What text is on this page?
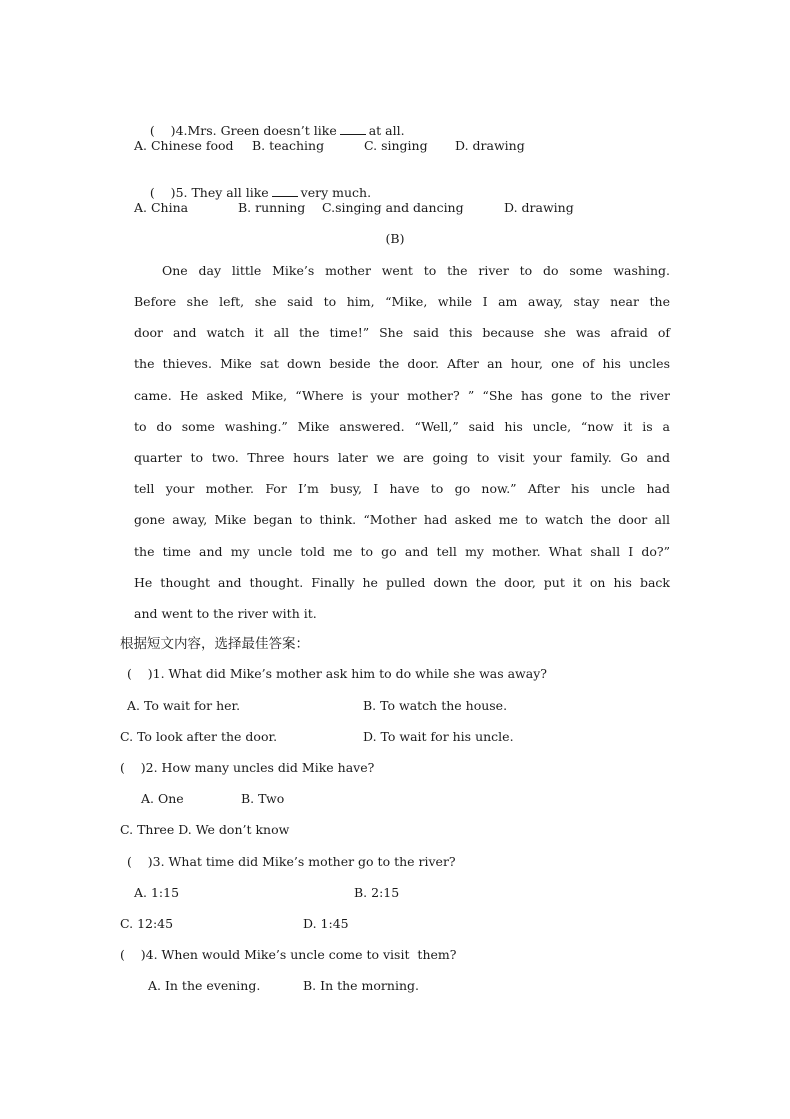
(    )4.Mrs. Green doesn’t like	at all.

A. Chinese food B. teaching	C. singing D. drawing

(    )5. They all like	very much.

A. China	B. running C.singing and dancing	D. drawing
(B)
One day little Mike’s mother went to the river to do some washing.
Before she left, she said to him, “Mike, while I am away, stay near the
door and watch it all the time!” She said this because she was afraid of
the thieves. Mike sat down beside the door. After an hour, one of his uncles
came. He asked Mike, “Where is your mother? ” “She has gone to the river
to do some washing.” Mike answered. “Well,” said his uncle, “now it is a
quarter to two. Three hours later we are going to visit your family. Go and
tell your mother. For I’m busy, I have to go now.” After his uncle had
gone away, Mike began to think. “Mother had asked me to watch the door all
the time and my uncle told me to go and tell my mother. What shall I do?”
He thought and thought. Finally he pulled down the door, put it on his back
and went to the river with it.
根据短文内容，选择最佳答案：
(    )1. What did Mike’s mother ask him to do while she was away?
A. To wait for her.	B. To watch the house.
C. To look after the door.	D. To wait for his uncle.
(    )2. How many uncles did Mike have?
A. One	B. Two
C. Three D. We don’t know
(    )3. What time did Mike’s mother go to the river?
A. 1:15	B. 2:15
C. 12:45	D. 1:45
(    )4. When would Mike’s uncle come to visit  them?
A. In the evening.	B. In the morning.
